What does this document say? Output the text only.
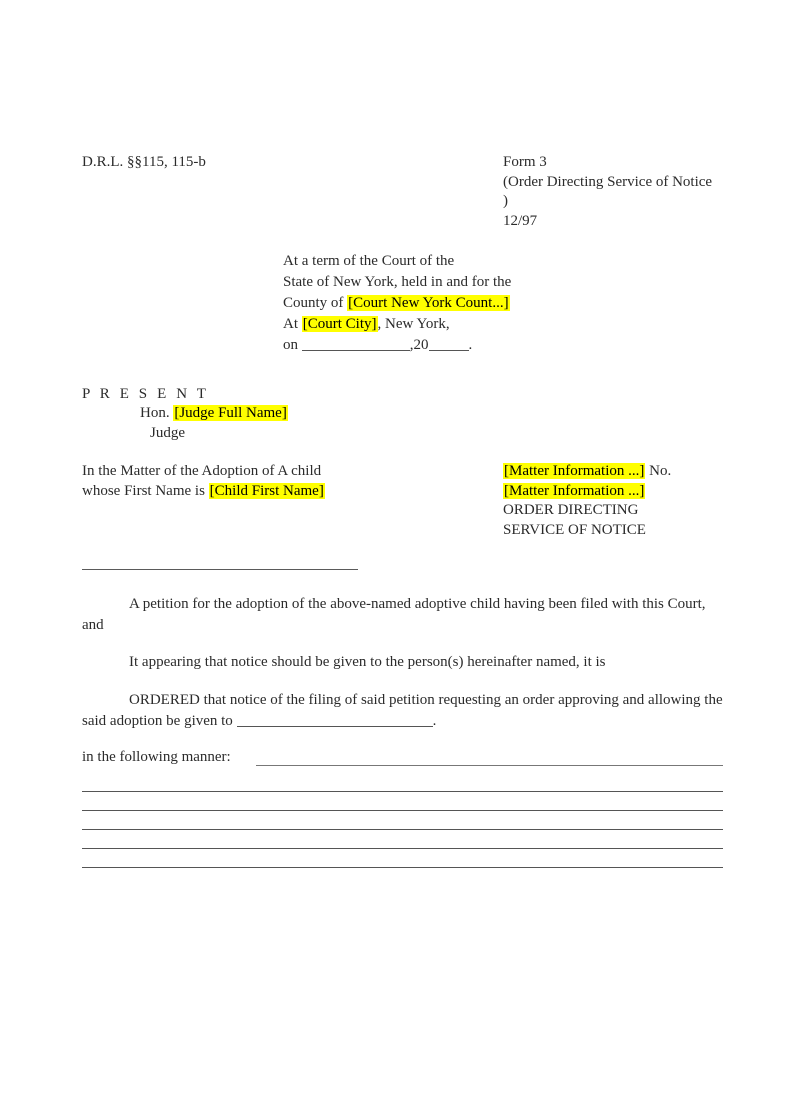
D.R.L. §§115, 115-b	Form 3
(Order Directing Service of Notice )
12/97
At a term of the Court of the
State of New York, held in and for the
County of [Court New York Count...]
At [Court City], New York,
on	,20	.
P R E S E N T
Hon. [Judge Full Name]
Judge
In the Matter of the Adoption of A child
whose First Name is [Child First Name]
[Matter Information ...] No.
[Matter Information ...]
ORDER DIRECTING
SERVICE OF NOTICE
A petition for the adoption of the above-named adoptive child having been filed with this Court, and
It appearing that notice should be given to the person(s) hereinafter named, it is
ORDERED that notice of the filing of said petition requesting an order approving and allowing the said adoption be given to	.
in the following manner:
